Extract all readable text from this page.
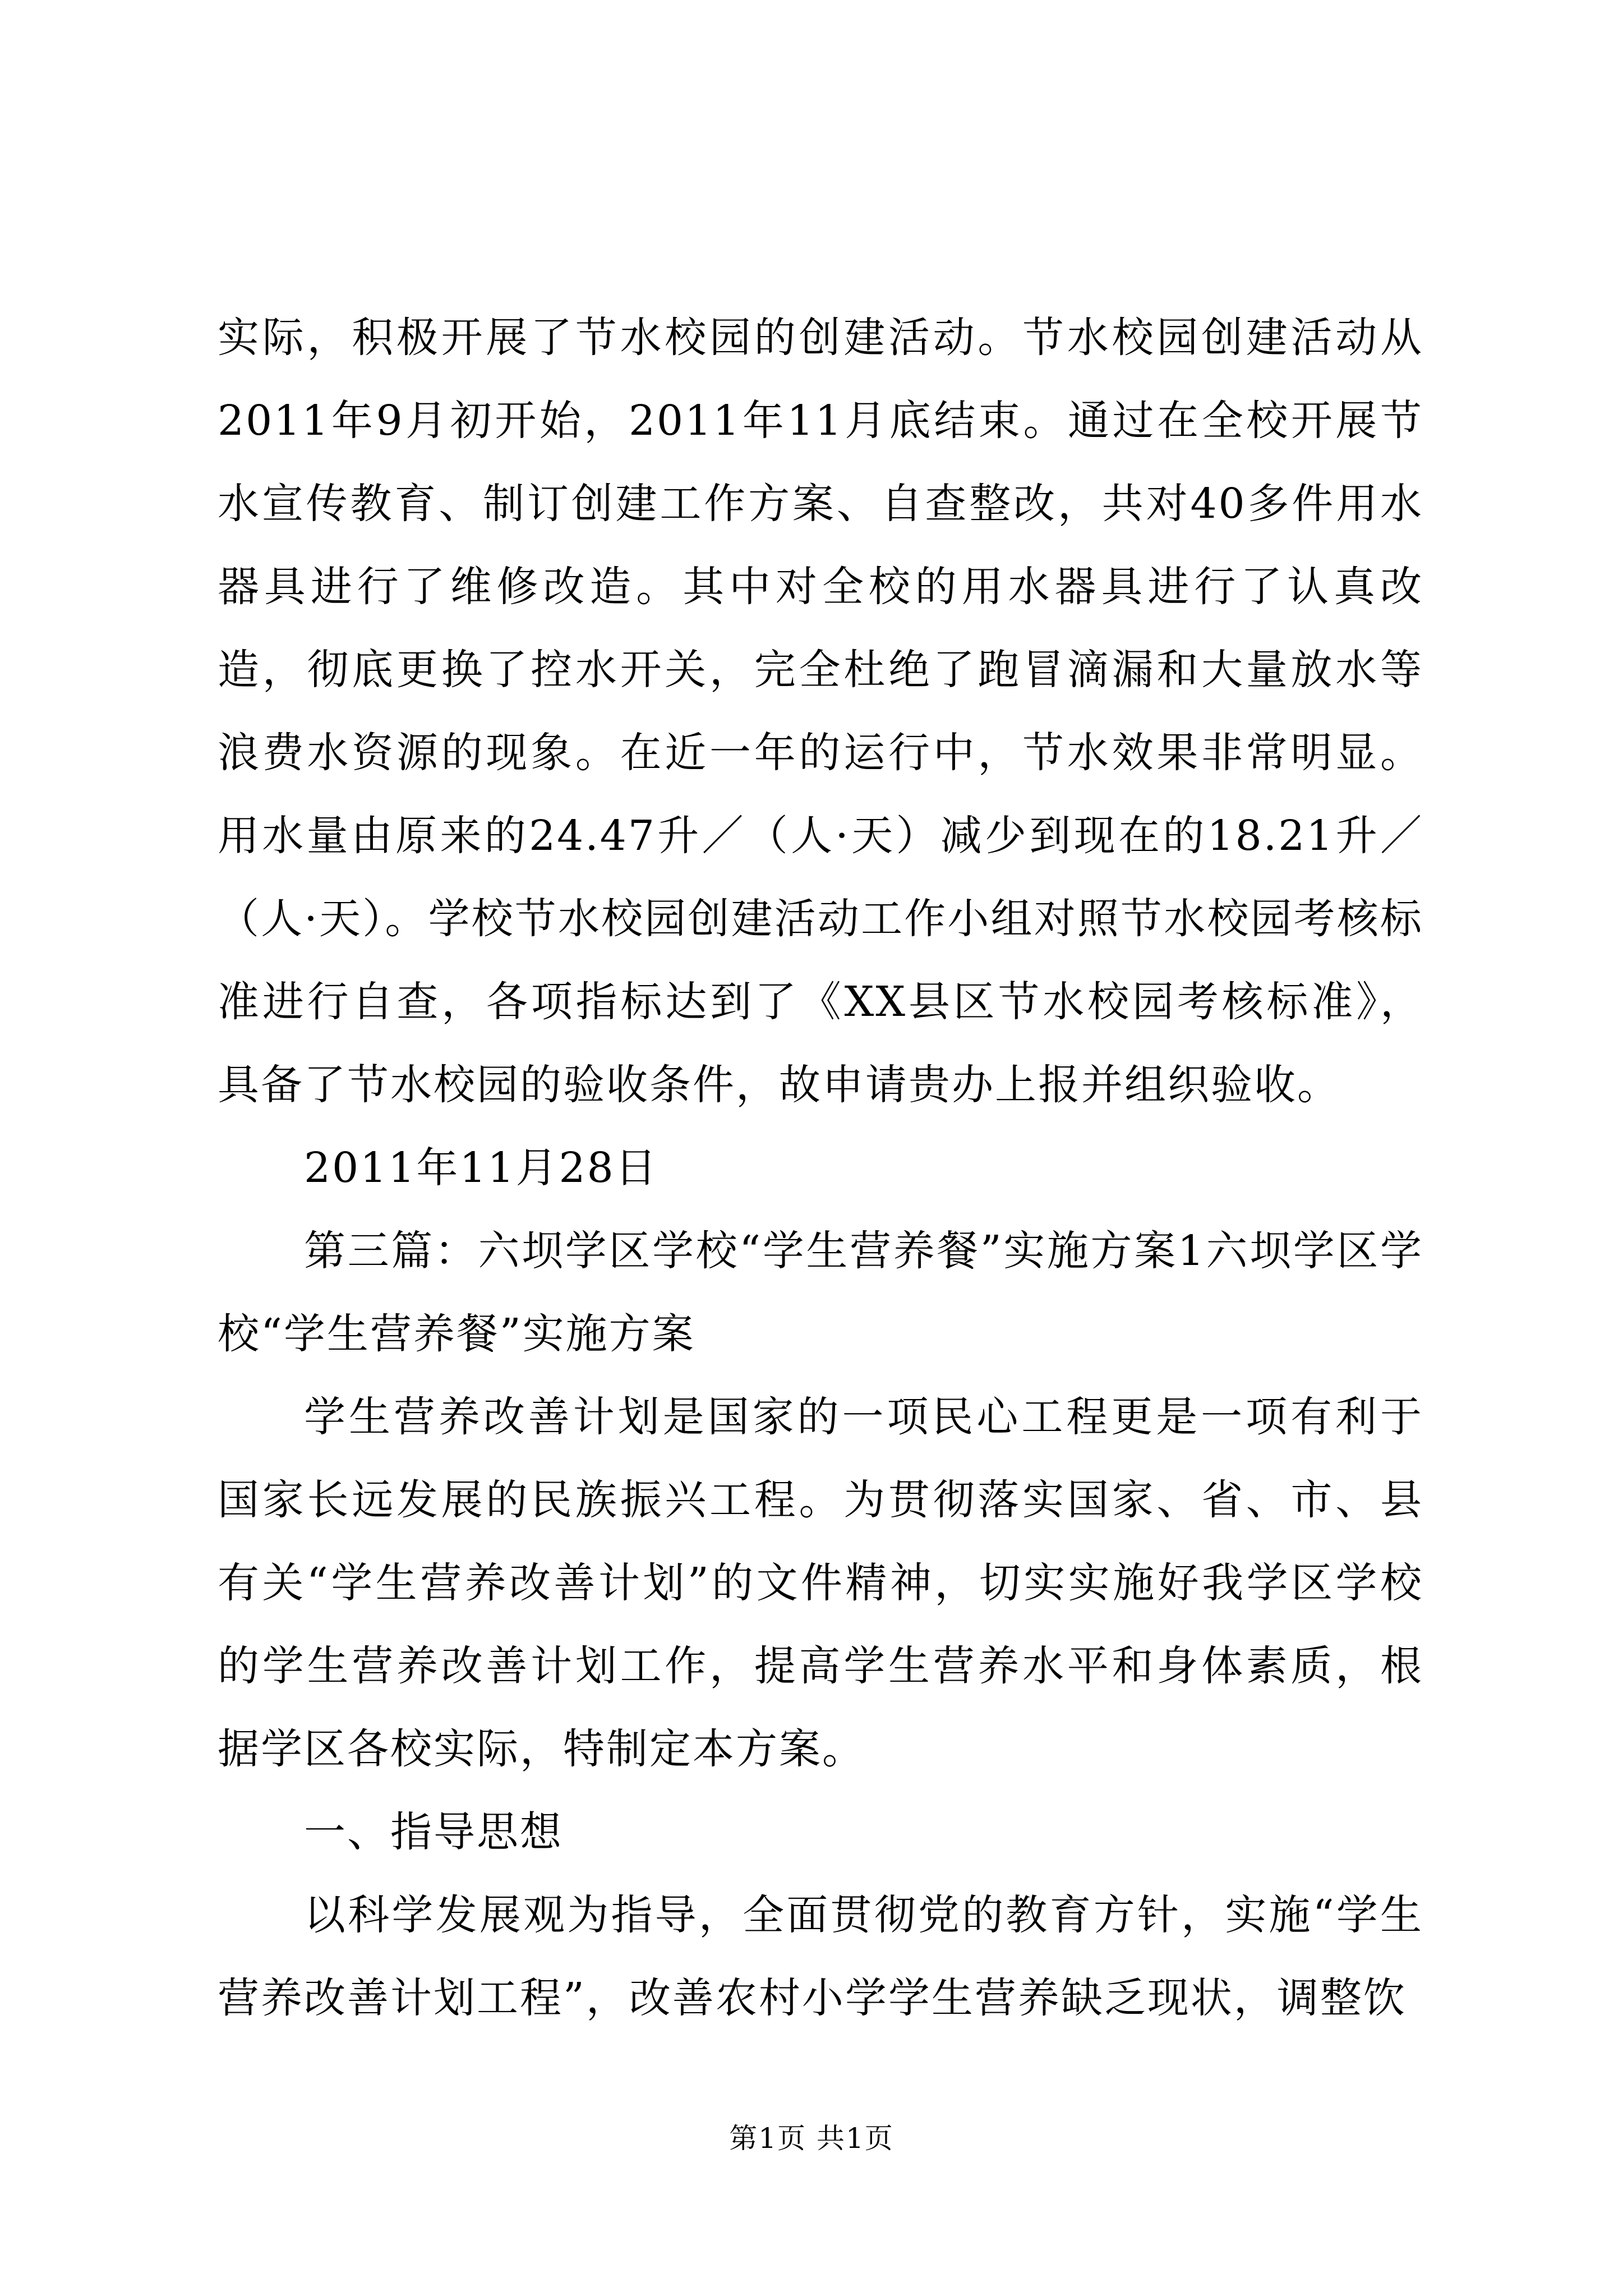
实际，积极开展了节水校园的创建活动。节水校园创建活动从2011年9月初开始，2011年11月底结束。通过在全校开展节水宣传教育、制订创建工作方案、自查整改，共对40多件用水器具进行了维修改造。其中对全校的用水器具进行了认真改造，彻底更换了控水开关，完全杜绝了跑冒滴漏和大量放水等浪费水资源的现象。在近一年的运行中，节水效果非常明显。用水量由原来的24.47升／（人·天）减少到现在的18.21升／（人·天）。学校节水校园创建活动工作小组对照节水校园考核标准进行自查，各项指标达到了《XX县区节水校园考核标准》，具备了节水校园的验收条件，故申请贵办上报并组织验收。

2011年11月28日

第三篇：六坝学区学校“学生营养餐”实施方案1六坝学区学校“学生营养餐”实施方案

学生营养改善计划是国家的一项民心工程更是一项有利于国家长远发展的民族振兴工程。为贯彻落实国家、省、市、县有关“学生营养改善计划”的文件精神，切实实施好我学区学校的学生营养改善计划工作，提高学生营养水平和身体素质，根据学区各校实际，特制定本方案。

一、指导思想

以科学发展观为指导，全面贯彻党的教育方针，实施“学生营养改善计划工程”，改善农村小学学生营养缺乏现状，调整饮

第1页 共1页
